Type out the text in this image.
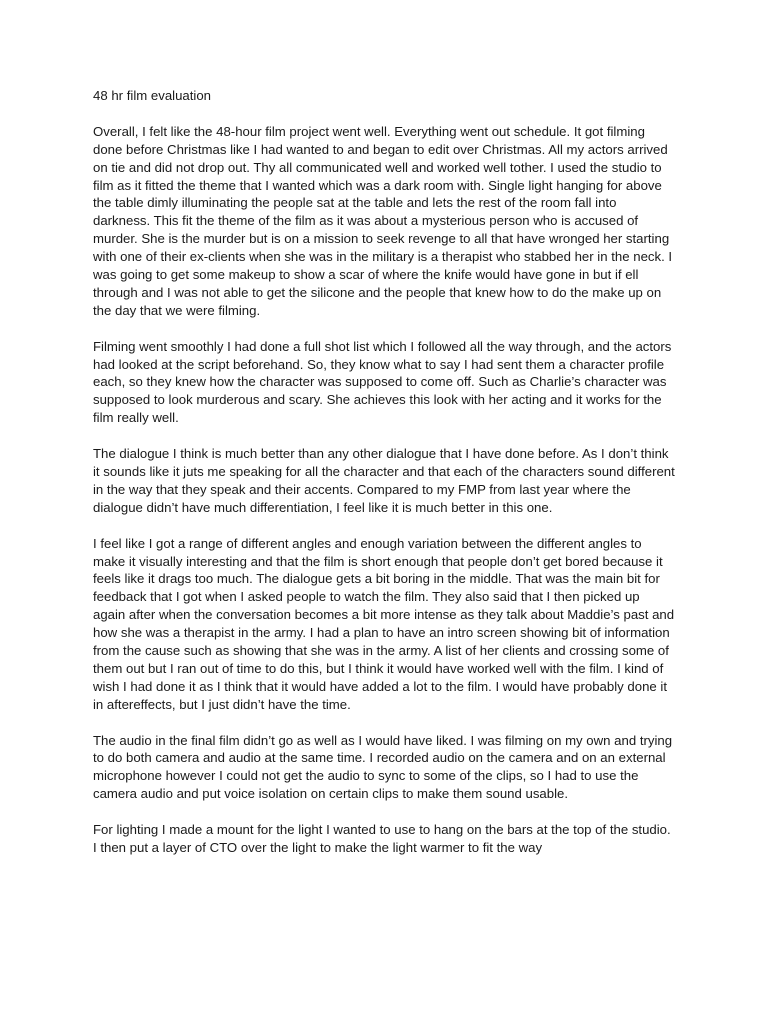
48 hr film evaluation

Overall, I felt like the 48-hour film project went well. Everything went out schedule. It got filming done before Christmas like I had wanted to and began to edit over Christmas. All my actors arrived on tie and did not drop out. Thy all communicated well and worked well tother. I used the studio to film as it fitted the theme that I wanted which was a dark room with. Single light hanging for above the table dimly illuminating the people sat at the table and lets the rest of the room fall into darkness. This fit the theme of the film as it was about a mysterious person who is accused of murder. She is the murder but is on a mission to seek revenge to all that have wronged her starting with one of their ex-clients when she was in the military is a therapist who stabbed her in the neck. I was going to get some makeup to show a scar of where the knife would have gone in but if ell through and I was not able to get the silicone and the people that knew how to do the make up on the day that we were filming.

Filming went smoothly I had done a full shot list which I followed all the way through, and the actors had looked at the script beforehand. So, they know what to say I had sent them a character profile each, so they knew how the character was supposed to come off. Such as Charlie’s character was supposed to look murderous and scary. She achieves this look with her acting and it works for the film really well.

The dialogue I think is much better than any other dialogue that I have done before. As I don’t think it sounds like it juts me speaking for all the character and that each of the characters sound different in the way that they speak and their accents. Compared to my FMP from last year where the dialogue didn’t have much differentiation, I feel like it is much better in this one.

I feel like I got a range of different angles and enough variation between the different angles to make it visually interesting and that the film is short enough that people don’t get bored because it feels like it drags too much. The dialogue gets a bit boring in the middle. That was the main bit for feedback that I got when I asked people to watch the film. They also said that I then picked up again after when the conversation becomes a bit more intense as they talk about Maddie’s past and how she was a therapist in the army. I had a plan to have an intro screen showing bit of information from the cause such as showing that she was in the army. A list of her clients and crossing some of them out but I ran out of time to do this, but I think it would have worked well with the film. I kind of wish I had done it as I think that it would have added a lot to the film. I would have probably done it in aftereffects, but I just didn’t have the time.

The audio in the final film didn’t go as well as I would have liked. I was filming on my own and trying to do both camera and audio at the same time. I recorded audio on the camera and on an external microphone however I could not get the audio to sync to some of the clips, so I had to use the camera audio and put voice isolation on certain clips to make them sound usable.

For lighting I made a mount for the light I wanted to use to hang on the bars at the top of the studio. I then put a layer of CTO over the light to make the light warmer to fit the way
